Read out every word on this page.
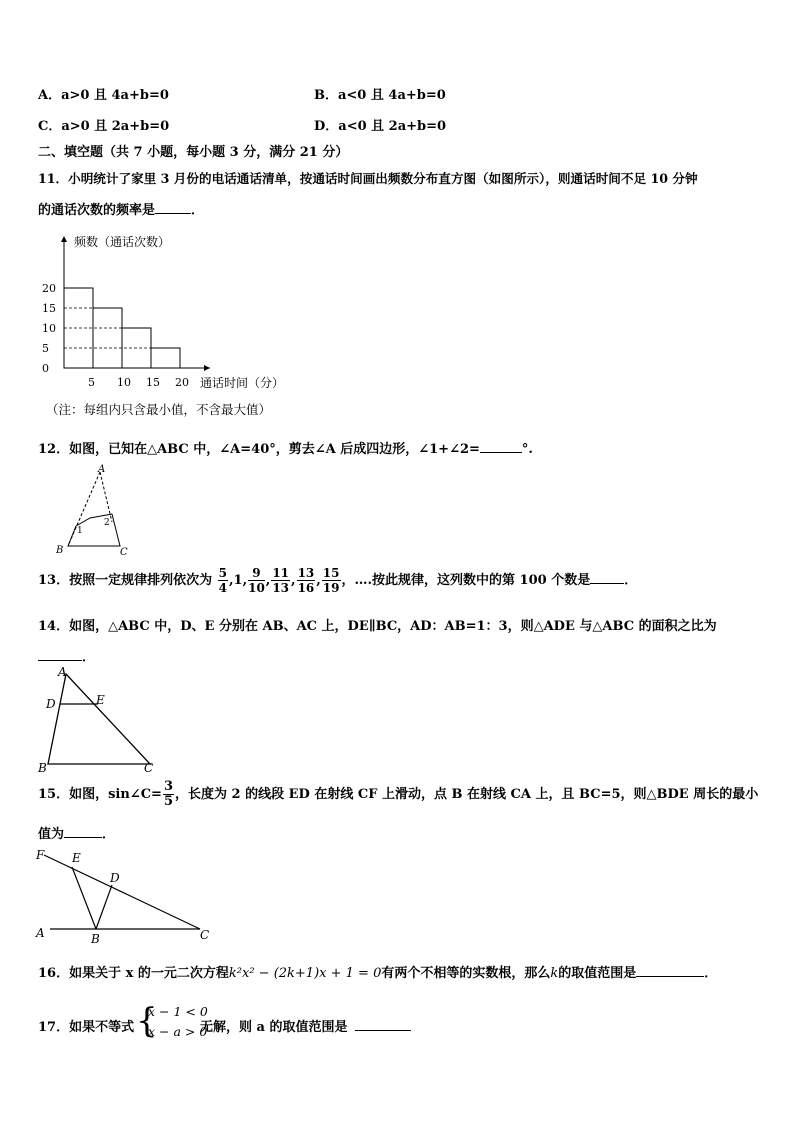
A．a>0 且 4a+b=0	B．a<0 且 4a+b=0
C．a>0 且 2a+b=0	D．a<0 且 2a+b=0
二、填空题（共 7 小题，每小题 3 分，满分 21 分）
11．小明统计了家里 3 月份的电话通话清单，按通话时间画出频数分布直方图（如图所示），则通话时间不足 10 分钟
的通话次数的频率是	．
0
5
10
15
20
5 10 15 20
频数（通话次数）
通话时间（分）
（注：每组内只含最小值，不含最大值）
12．如图，已知在△ABC 中，∠A=40°，剪去∠A 后成四边形，∠1+∠2=	°.
A
B	C
1
2
13．按照一定规律排列依次为 $\frac{5}{4} ,1$, $\frac{9}{10}$ , $\frac{11}{13}$ , $\frac{13}{16}$ , $\frac{15}{19}$ ，….按此规律，这列数中的第 100 个数是	．
14．如图，△ABC 中，D、E 分别在 AB、AC 上，DE∥BC，AD：AB=1：3，则△ADE 与△ABC 的面积之比为
．
A
D	E
B	C
15．如图，sin∠C= $\frac{3}{5}$ ，长度为 2 的线段 ED 在射线 CF 上滑动，点 B 在射线 CA 上，且 BC=5，则△BDE 周长的最小
值为	．
F E
D
A	B	C
16．如果关于 x 的一元二次方程k²x² − (2k+1)x + 1 = 0有两个不相等的实数根，那么k的取值范围是	．
17．如果不等式 {
x − 1 < 0
x − a > 0
无解，则 a 的取值范围是
